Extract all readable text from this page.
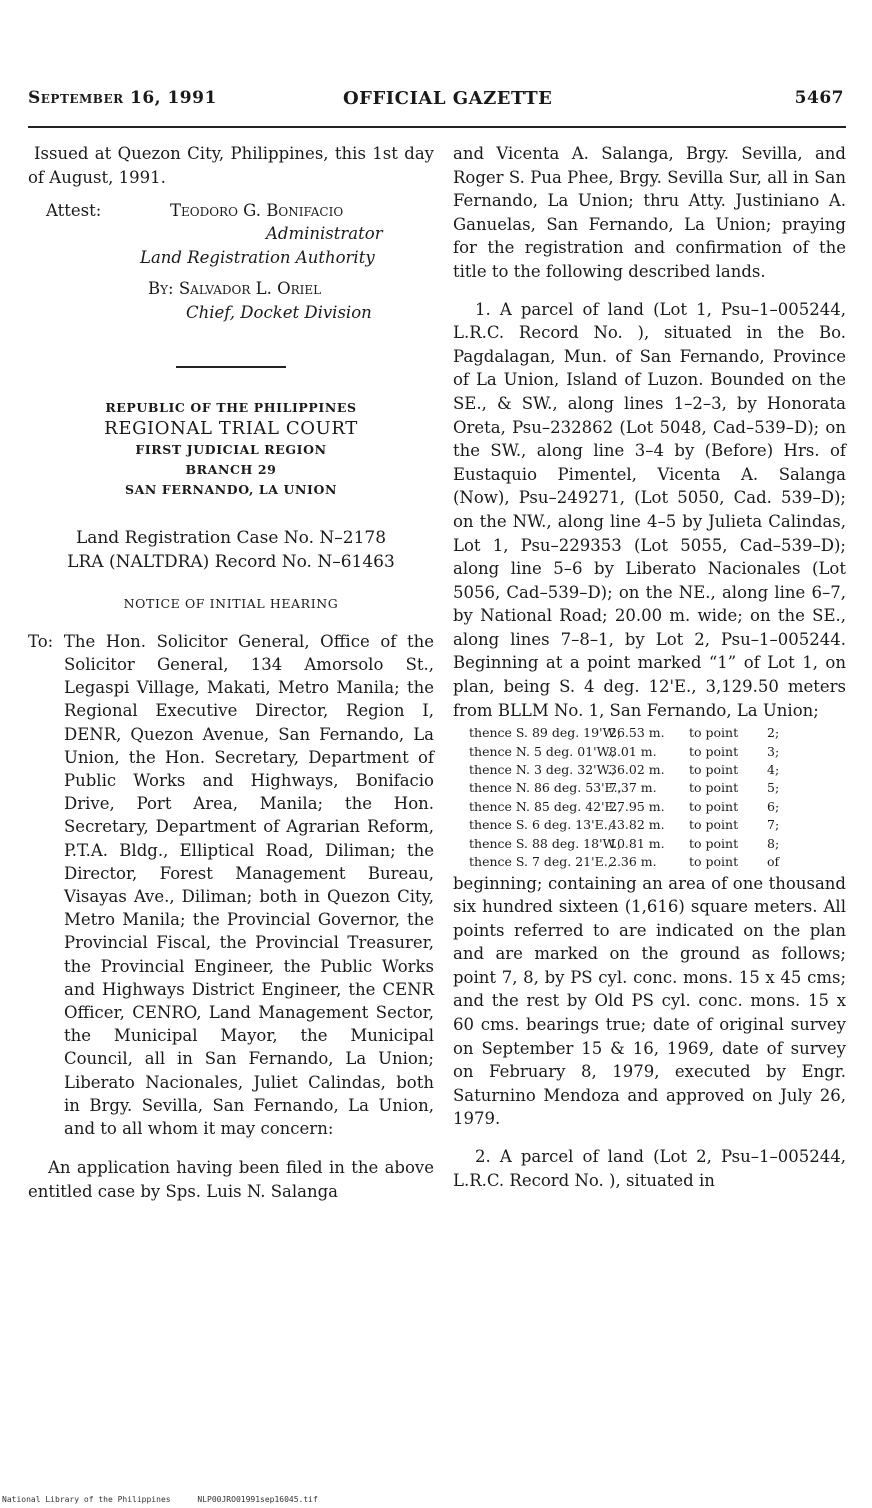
September 16, 1991	OFFICIAL GAZETTE	5467

Issued at Quezon City, Philippines, this 1st day of August, 1991.

Attest:	Teodoro G. Bonifacio
Administrator
Land Registration Authority
By: Salvador L. Oriel
Chief, Docket Division
REPUBLIC OF THE PHILIPPINES
REGIONAL TRIAL COURT
FIRST JUDICIAL REGION
BRANCH 29
SAN FERNANDO, LA UNION
Land Registration Case No. N–2178
LRA (NALTDRA) Record No. N–61463
NOTICE OF INITIAL HEARING

To: The Hon. Solicitor General, Office of the Solicitor General, 134 Amorsolo St., Legaspi Village, Makati, Metro Manila; the Regional Executive Director, Region I, DENR, Quezon Avenue, San Fernando, La Union, the Hon. Secretary, Department of Public Works and Highways, Bonifacio Drive, Port Area, Manila; the Hon. Secretary, Department of Agrarian Reform, P.T.A. Bldg., Elliptical Road, Diliman; the Director, Forest Management Bureau, Visayas Ave., Diliman; both in Quezon City, Metro Manila; the Provincial Governor, the Provincial Fiscal, the Provincial Treasurer, the Provincial Engineer, the Public Works and Highways District Engineer, the CENR Officer, CENRO, Land Management Sector, the Municipal Mayor, the Municipal Council, all in San Fernando, La Union; Liberato Nacionales, Juliet Calindas, both in Brgy. Sevilla, San Fernando, La Union, and to all whom it may concern:

An application having been filed in the above entitled case by Sps. Luis N. Salanga

and Vicenta A. Salanga, Brgy. Sevilla, and Roger S. Pua Phee, Brgy. Sevilla Sur, all in San Fernando, La Union; thru Atty. Justiniano A. Ganuelas, San Fernando, La Union; praying for the registration and confirmation of the title to the following described lands.

1. A parcel of land (Lot 1, Psu–1–005244, L.R.C. Record No. ), situated in the Bo. Pagdalagan, Mun. of San Fernando, Province of La Union, Island of Luzon. Bounded on the SE., & SW., along lines 1–2–3, by Honorata Oreta, Psu–232862 (Lot 5048, Cad–539–D); on the SW., along line 3–4 by (Before) Hrs. of Eustaquio Pimentel, Vicenta A. Salanga (Now), Psu–249271, (Lot 5050, Cad. 539–D); on the NW., along line 4–5 by Julieta Calindas, Lot 1, Psu–229353 (Lot 5055, Cad–539–D); along line 5–6 by Liberato Nacionales (Lot 5056, Cad–539–D); on the NE., along line 6–7, by National Road; 20.00 m. wide; on the SE., along lines 7–8–1, by Lot 2, Psu–1–005244. Beginning at a point marked “1” of Lot 1, on plan, being S. 4 deg. 12'E., 3,129.50 meters from BLLM No. 1, San Fernando, La Union;

thence S. 89 deg. 19'W.,
26.53 m.	to point	2;
thence N. 5 deg. 01'W.,
8.01 m.	to point	3;
thence N. 3 deg. 32'W.,
36.02 m.	to point	4;
thence N. 86 deg. 53'E.,
7.37 m.	to point	5;
thence N. 85 deg. 42'E.,
27.95 m.	to point	6;
thence S. 6 deg. 13'E.,
43.82 m.	to point	7;
thence S. 88 deg. 18'W.,
10.81 m.	to point	8;
thence S. 7 deg. 21'E.,
2.36 m.	to point	of

beginning; containing an area of one thousand six hundred sixteen (1,616) square meters. All points referred to are indicated on the plan and are marked on the ground as follows; point 7, 8, by PS cyl. conc. mons. 15 x 45 cms; and the rest by Old PS cyl. conc. mons. 15 x 60 cms. bearings true; date of original survey on September 15 & 16, 1969, date of survey on February 8, 1979, executed by Engr. Saturnino Mendoza and approved on July 26, 1979.

2. A parcel of land (Lot 2, Psu–1–005244, L.R.C. Record No. ), situated in

National Library of the Philippines	NLP00JRO01991sep16045.tif
